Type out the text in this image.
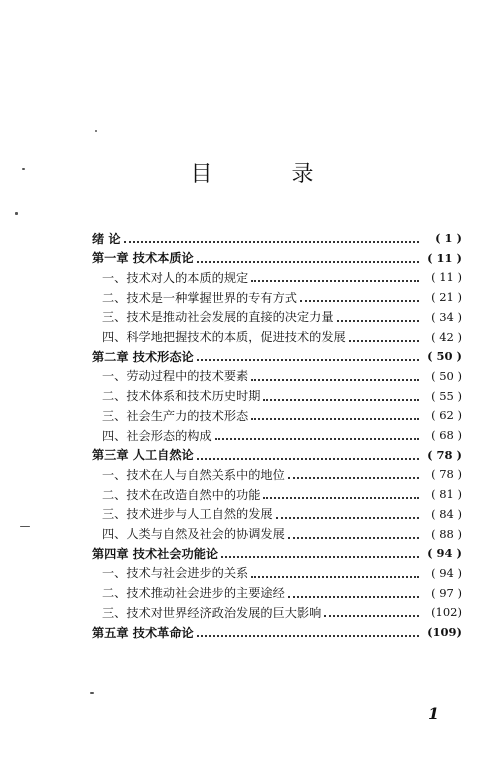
目 录
绪 论	( 1 )
第一章 技术本质论	( 11 )
一、技术对人的本质的规定	( 11 )
二、技术是一种掌握世界的专有方式	( 21 )
三、技术是推动社会发展的直接的决定力量	( 34 )
四、科学地把握技术的本质，促进技术的发展	( 42 )
第二章 技术形态论	( 50 )
一、劳动过程中的技术要素	( 50 )
二、技术体系和技术历史时期	( 55 )
三、社会生产力的技术形态	( 62 )
四、社会形态的构成	( 68 )
第三章 人工自然论	( 78 )
一、技术在人与自然关系中的地位	( 78 )
二、技术在改造自然中的功能	( 81 )
三、技术进步与人工自然的发展	( 84 )
四、人类与自然及社会的协调发展	( 88 )
第四章 技术社会功能论	( 94 )
一、技术与社会进步的关系	( 94 )
二、技术推动社会进步的主要途经	( 97 )
三、技术对世界经济政治发展的巨大影响	(102)
第五章 技术革命论	(109)
1
